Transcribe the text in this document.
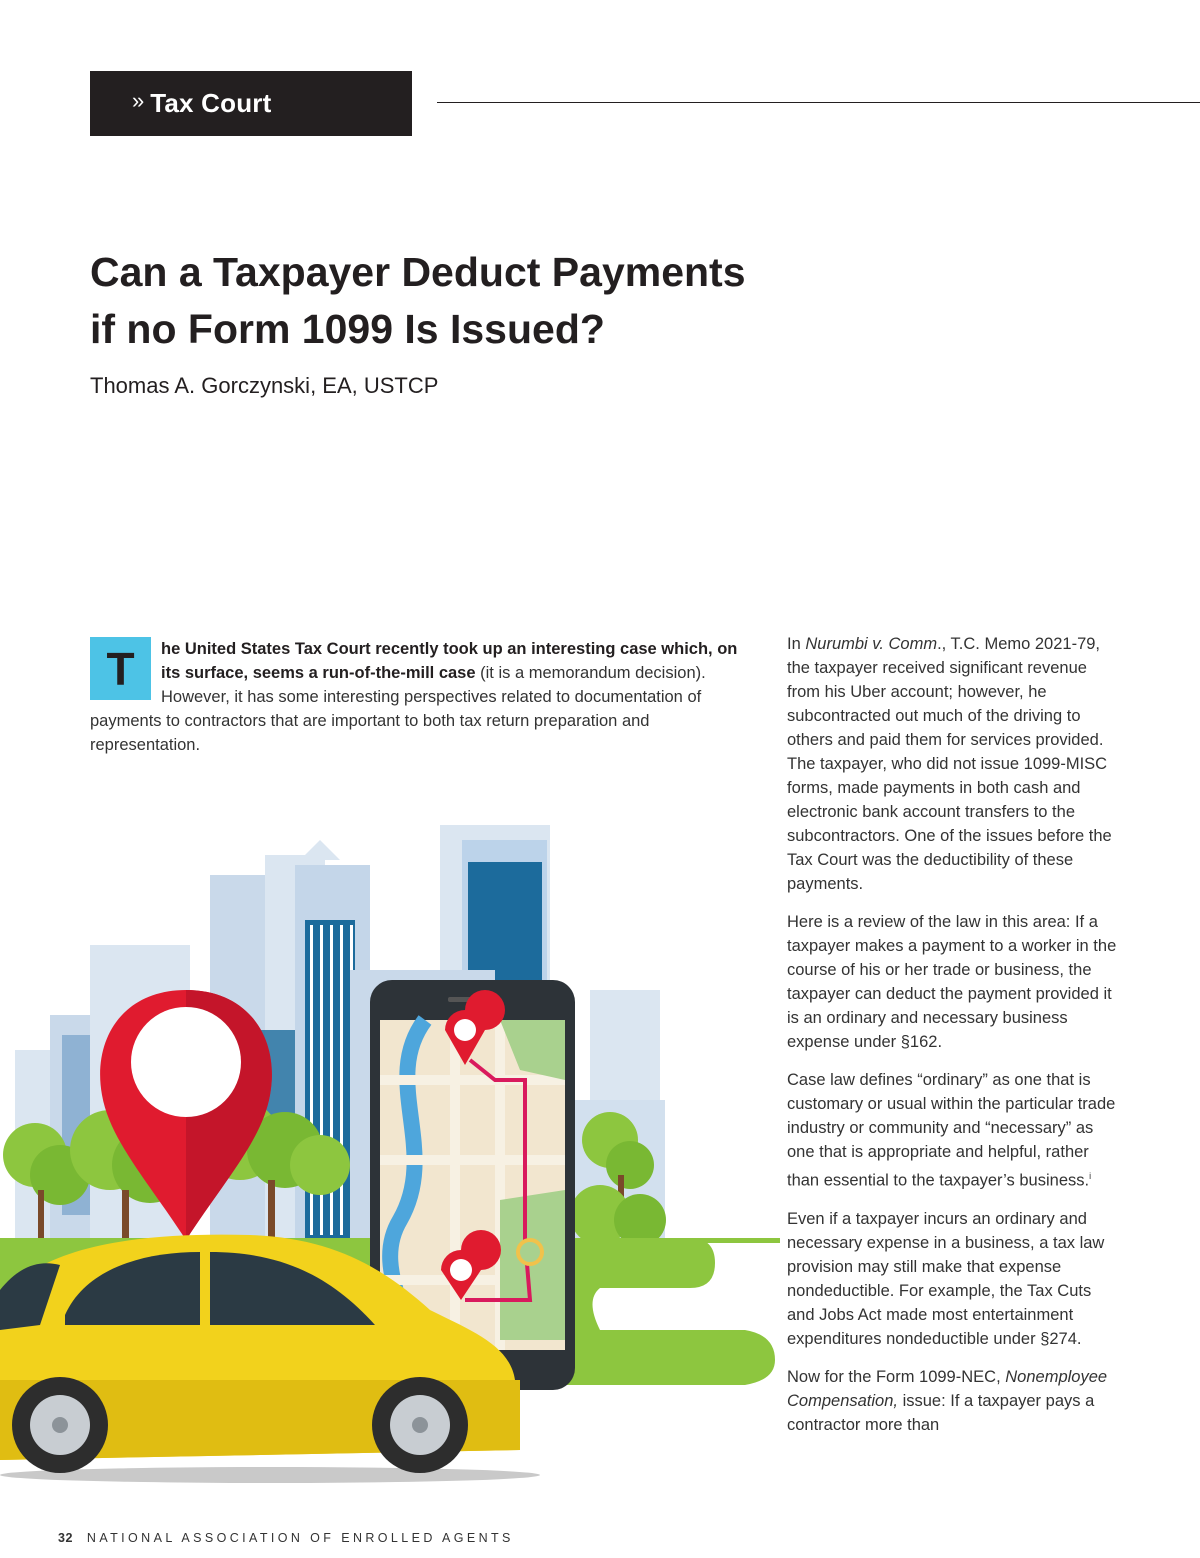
» Tax Court
Can a Taxpayer Deduct Payments
if no Form 1099 Is Issued?
Thomas A. Gorczynski, EA, USTCP
T	he United States Tax Court recently took up an interesting case which, on its surface, seems a run-of-the-mill case (it is a memorandum decision). However, it has some interesting perspectives related to documentation of payments to contractors that are important to both tax return preparation and representation.

In Nurumbi v. Comm., T.C. Memo 2021-79, the taxpayer received significant revenue from his Uber account; however, he subcontracted out much of the driving to others and paid them for services provided. The taxpayer, who did not issue 1099-MISC forms, made payments in both cash and electronic bank account transfers to the subcontractors. One of the issues before the Tax Court was the deductibility of these payments.

Here is a review of the law in this area: If a taxpayer makes a payment to a worker in the course of his or her trade or business, the taxpayer can deduct the payment provided it is an ordinary and necessary business expense under §162.

Case law defines “ordinary” as one that is customary or usual within the particular trade industry or community and “necessary” as one that is appropriate and helpful, rather than essential to the taxpayer’s business.$^i$

Even if a taxpayer incurs an ordinary and necessary expense in a business, a tax law provision may still make that expense nondeductible. For example, the Tax Cuts and Jobs Act made most entertainment expenditures nondeductible under §274.

Now for the Form 1099-NEC, Nonemployee Compensation, issue: If a taxpayer pays a contractor more than

32 NATIONAL ASSOCIATION OF ENROLLED AGENTS
